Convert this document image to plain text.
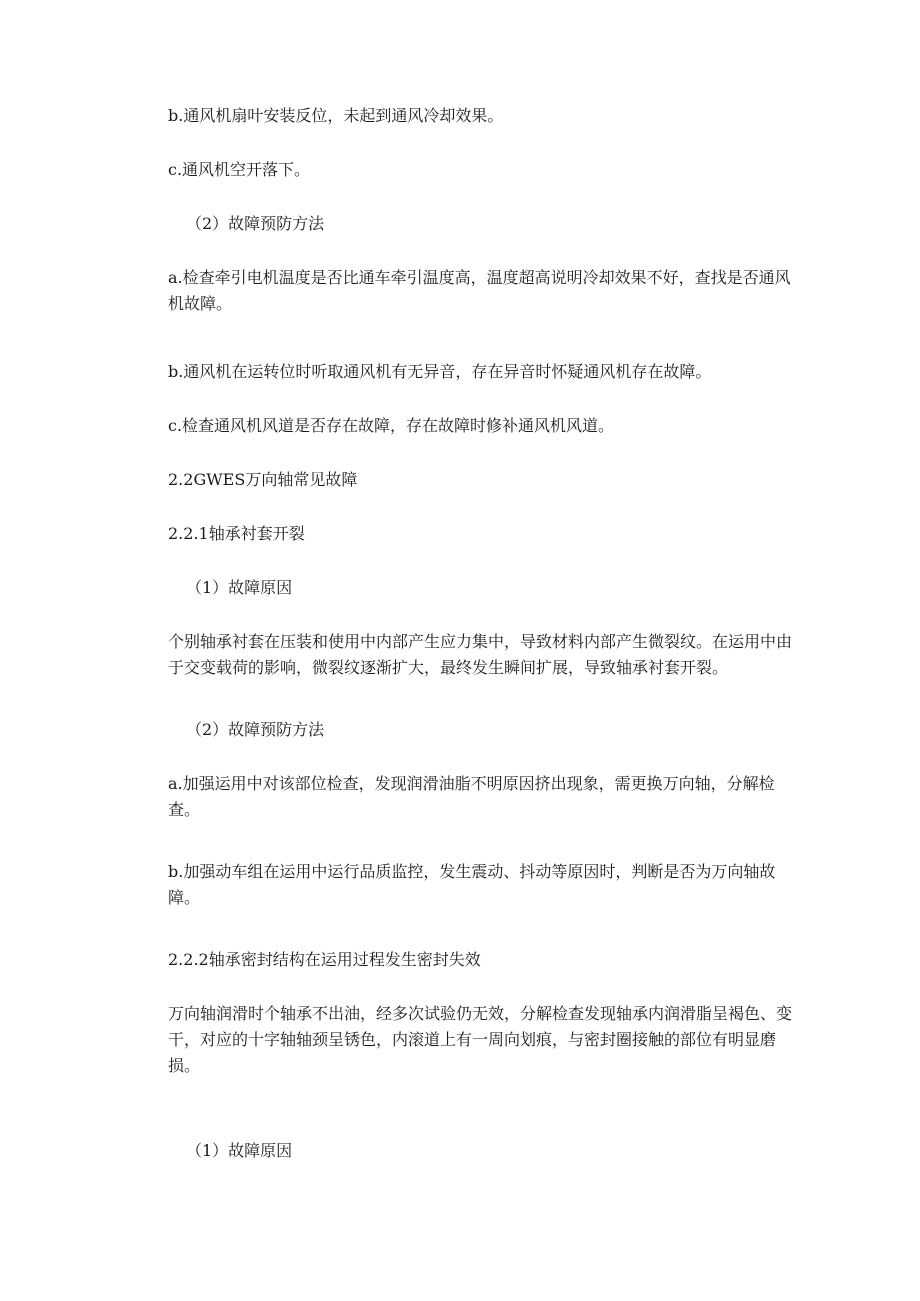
b.通风机扇叶安装反位，未起到通风冷却效果。
c.通风机空开落下。
（2）故障预防方法
a.检查牵引电机温度是否比通车牵引温度高，温度超高说明冷却效果不好，查找是否通风机故障。
b.通风机在运转位时听取通风机有无异音，存在异音时怀疑通风机存在故障。
c.检查通风机风道是否存在故障，存在故障时修补通风机风道。
2.2GWES万向轴常见故障
2.2.1轴承衬套开裂
（1）故障原因
个别轴承衬套在压装和使用中内部产生应力集中，导致材料内部产生微裂纹。在运用中由于交变载荷的影响，微裂纹逐渐扩大，最终发生瞬间扩展，导致轴承衬套开裂。
（2）故障预防方法
a.加强运用中对该部位检查，发现润滑油脂不明原因挤出现象，需更换万向轴，分解检查。
b.加强动车组在运用中运行品质监控，发生震动、抖动等原因时，判断是否为万向轴故障。
2.2.2轴承密封结构在运用过程发生密封失效
万向轴润滑时个轴承不出油，经多次试验仍无效，分解检查发现轴承内润滑脂呈褐色、变干，对应的十字轴轴颈呈锈色，内滚道上有一周向划痕，与密封圈接触的部位有明显磨损。
（1）故障原因
